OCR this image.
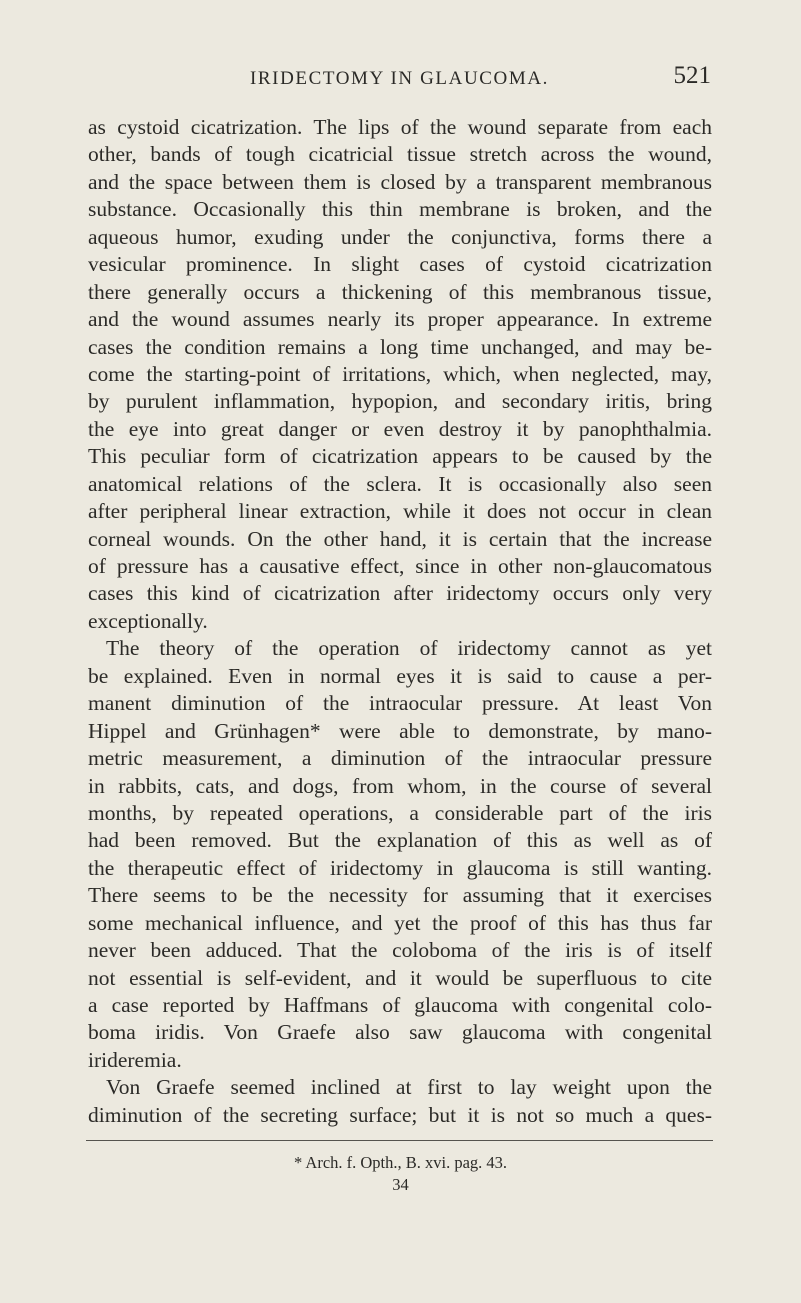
IRIDECTOMY IN GLAUCOMA.	521
as cystoid cicatrization. The lips of the wound separate from each
other, bands of tough cicatricial tissue stretch across the wound,
and the space between them is closed by a transparent membranous
substance. Occasionally this thin membrane is broken, and the
aqueous humor, exuding under the conjunctiva, forms there a
vesicular prominence. In slight cases of cystoid cicatrization
there generally occurs a thickening of this membranous tissue,
and the wound assumes nearly its proper appearance. In extreme
cases the condition remains a long time unchanged, and may be-
come the starting-point of irritations, which, when neglected, may,
by purulent inflammation, hypopion, and secondary iritis, bring
the eye into great danger or even destroy it by panophthalmia.
This peculiar form of cicatrization appears to be caused by the
anatomical relations of the sclera. It is occasionally also seen
after peripheral linear extraction, while it does not occur in clean
corneal wounds. On the other hand, it is certain that the increase
of pressure has a causative effect, since in other non-glaucomatous
cases this kind of cicatrization after iridectomy occurs only very
exceptionally.
The theory of the operation of iridectomy cannot as yet
be explained. Even in normal eyes it is said to cause a per-
manent diminution of the intraocular pressure. At least Von
Hippel and Grünhagen* were able to demonstrate, by mano-
metric measurement, a diminution of the intraocular pressure
in rabbits, cats, and dogs, from whom, in the course of several
months, by repeated operations, a considerable part of the iris
had been removed. But the explanation of this as well as of
the therapeutic effect of iridectomy in glaucoma is still wanting.
There seems to be the necessity for assuming that it exercises
some mechanical influence, and yet the proof of this has thus far
never been adduced. That the coloboma of the iris is of itself
not essential is self-evident, and it would be superfluous to cite
a case reported by Haffmans of glaucoma with congenital colo-
boma iridis. Von Graefe also saw glaucoma with congenital
irideremia.
Von Graefe seemed inclined at first to lay weight upon the
diminution of the secreting surface; but it is not so much a ques-
* Arch. f. Opth., B. xvi. pag. 43.
34
